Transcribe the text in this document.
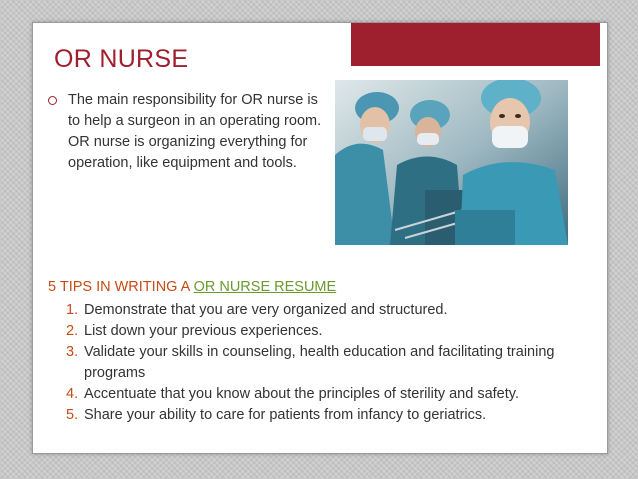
OR NURSE
The main responsibility for OR nurse is to help a surgeon in an operating room. OR nurse is organizing everything for operation, like equipment and tools.
5 TIPS IN WRITING A OR NURSE RESUME
1. Demonstrate that you are very organized and structured.
2. List down your previous experiences.
3. Validate your skills in counseling, health education and facilitating training programs
4. Accentuate that you know about the principles of sterility and safety.
5. Share your ability to care for patients from infancy to geriatrics.
